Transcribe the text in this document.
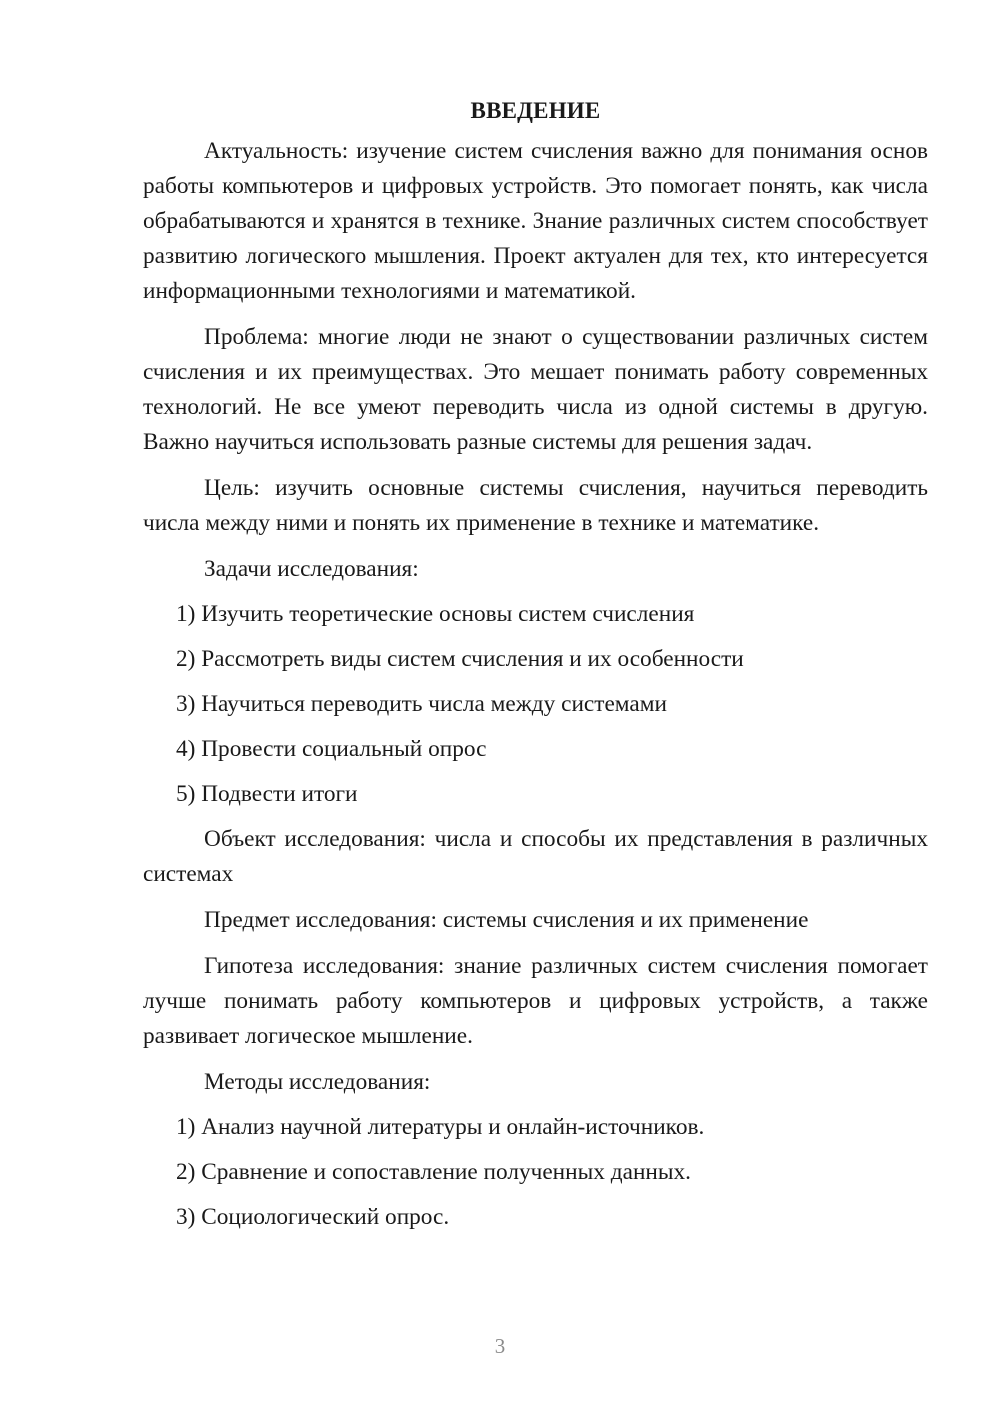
ВВЕДЕНИЕ

Актуальность: изучение систем счисления важно для понимания основ работы компьютеров и цифровых устройств. Это помогает понять, как числа обрабатываются и хранятся в технике. Знание различных систем способствует развитию логического мышления. Проект актуален для тех, кто интересуется информационными технологиями и математикой.

Проблема: многие люди не знают о существовании различных систем счисления и их преимуществах. Это мешает понимать работу современных технологий. Не все умеют переводить числа из одной системы в другую. Важно научиться использовать разные системы для решения задач.

Цель: изучить основные системы счисления, научиться переводить числа между ними и понять их применение в технике и математике.

Задачи исследования:

1) Изучить теоретические основы систем счисления

2) Рассмотреть виды систем счисления и их особенности

3) Научиться переводить числа между системами

4) Провести социальный опрос

5) Подвести итоги

Объект исследования: числа и способы их представления в различных системах

Предмет исследования: системы счисления и их применение

Гипотеза исследования: знание различных систем счисления помогает лучше понимать работу компьютеров и цифровых устройств, а также развивает логическое мышление.

Методы исследования:

1) Анализ научной литературы и онлайн-источников.

2) Сравнение и сопоставление полученных данных.

3) Социологический опрос.

3
